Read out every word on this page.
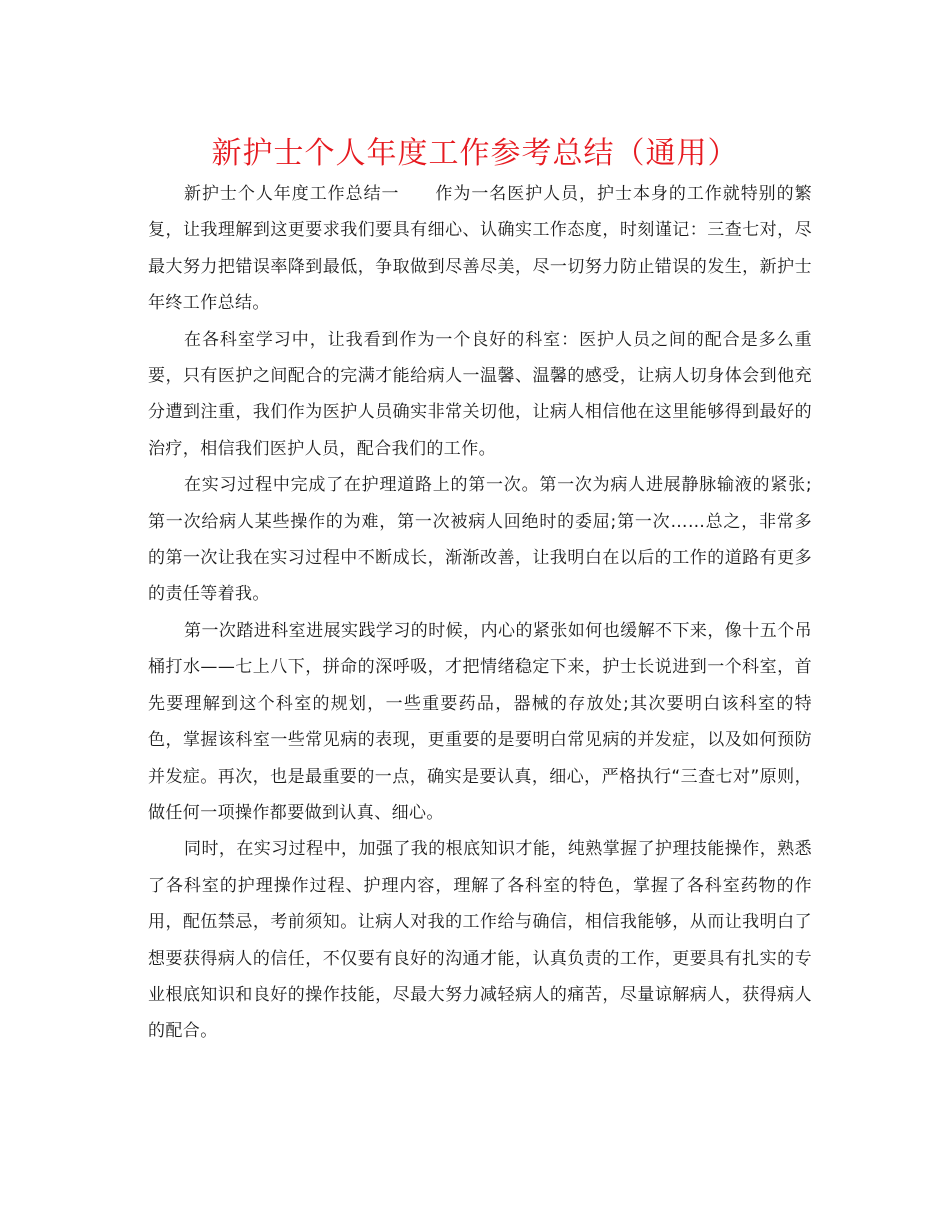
新护士个人年度工作参考总结（通用）

新护士个人年度工作总结一　　作为一名医护人员，护士本身的工作就特别的繁复，让我理解到这更要求我们要具有细心、认确实工作态度，时刻谨记：三查七对，尽最大努力把错误率降到最低，争取做到尽善尽美，尽一切努力防止错误的发生，新护士年终工作总结。

在各科室学习中，让我看到作为一个良好的科室：医护人员之间的配合是多么重要，只有医护之间配合的完满才能给病人一温馨、温馨的感受，让病人切身体会到他充分遭到注重，我们作为医护人员确实非常关切他，让病人相信他在这里能够得到最好的治疗，相信我们医护人员，配合我们的工作。

在实习过程中完成了在护理道路上的第一次。第一次为病人进展静脉输液的紧张;第一次给病人某些操作的为难，第一次被病人回绝时的委屈;第一次……总之，非常多的第一次让我在实习过程中不断成长，渐渐改善，让我明白在以后的工作的道路有更多的责任等着我。

第一次踏进科室进展实践学习的时候，内心的紧张如何也缓解不下来，像十五个吊桶打水——七上八下，拼命的深呼吸，才把情绪稳定下来，护士长说进到一个科室，首先要理解到这个科室的规划，一些重要药品，器械的存放处;其次要明白该科室的特色，掌握该科室一些常见病的表现，更重要的是要明白常见病的并发症，以及如何预防并发症。再次，也是最重要的一点，确实是要认真，细心，严格执行“三查七对”原则，做任何一项操作都要做到认真、细心。

同时，在实习过程中，加强了我的根底知识才能，纯熟掌握了护理技能操作，熟悉了各科室的护理操作过程、护理内容，理解了各科室的特色，掌握了各科室药物的作用，配伍禁忌，考前须知。让病人对我的工作给与确信，相信我能够，从而让我明白了想要获得病人的信任，不仅要有良好的沟通才能，认真负责的工作，更要具有扎实的专业根底知识和良好的操作技能，尽最大努力减轻病人的痛苦，尽量谅解病人，获得病人的配合。
